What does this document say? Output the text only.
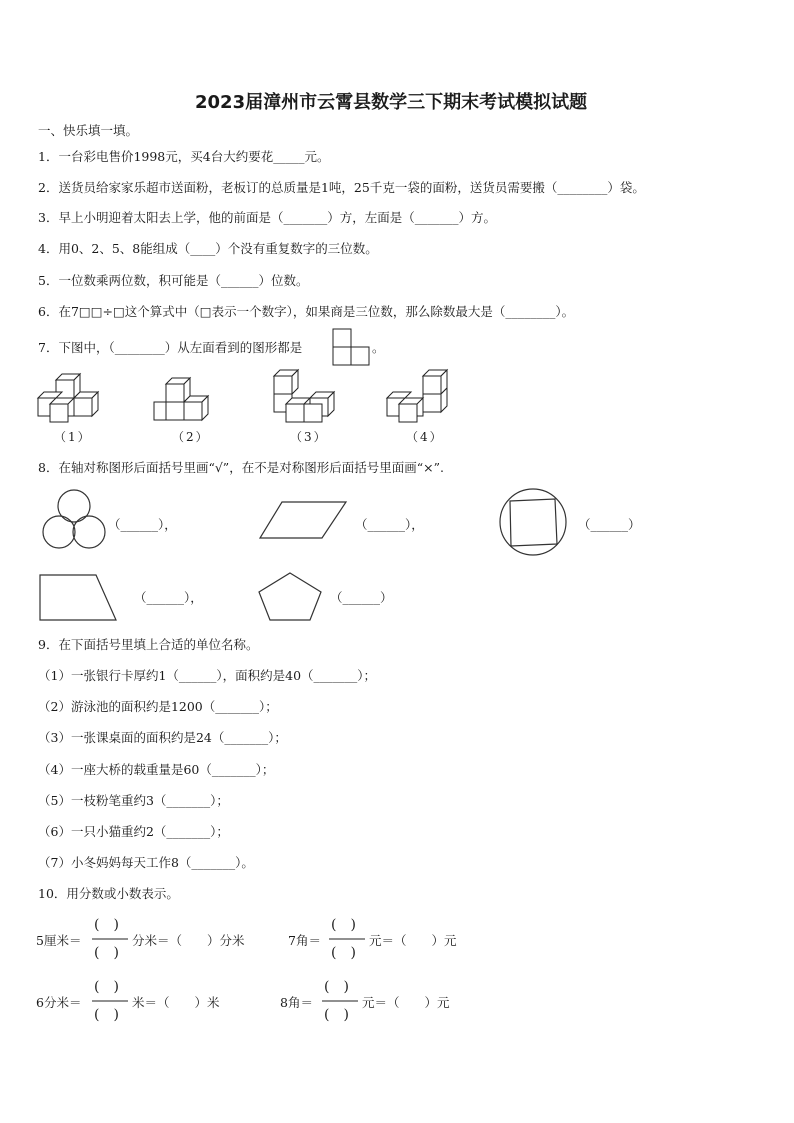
2023届漳州市云霄县数学三下期末考试模拟试题
一、快乐填一填。
1．一台彩电售价1998元，买4台大约要花_____元。
2．送货员给家家乐超市送面粉，老板订的总质量是1吨，25千克一袋的面粉，送货员需要搬（________）袋。
3．早上小明迎着太阳去上学，他的前面是（_______）方，左面是（_______）方。
4．用0、2、5、8能组成（____）个没有重复数字的三位数。
5．一位数乘两位数，积可能是（______）位数。
6．在7□□÷□这个算式中（□表示一个数字），如果商是三位数，那么除数最大是（________）。
7．下图中，（________）从左面看到的图形都是	。
（1）	（2）	（3）	（4）
8．在轴对称图形后面括号里画“√”，在不是对称图形后面括号里面画“×”.
（______），	（______），	（______）
（______），	（______）
9．在下面括号里填上合适的单位名称。
（1）一张银行卡厚约1（______），面积约是40（_______）；
（2）游泳池的面积约是1200（_______）；
（3）一张课桌面的面积约是24（_______）；
（4）一座大桥的载重量是60（_______）；
（5）一枝粉笔重约3（_______）；
（6）一只小猫重约2（_______）；
（7）小冬妈妈每天工作8（_______）。
10．用分数或小数表示。
5厘米＝
(　)
(　)
分米＝（　　）分米	7角＝
(　)
(　)
元＝（　　）元
6分米＝
(　)
(　)
米＝（　　）米	8角＝
(　)
(　)
元＝（　　）元
